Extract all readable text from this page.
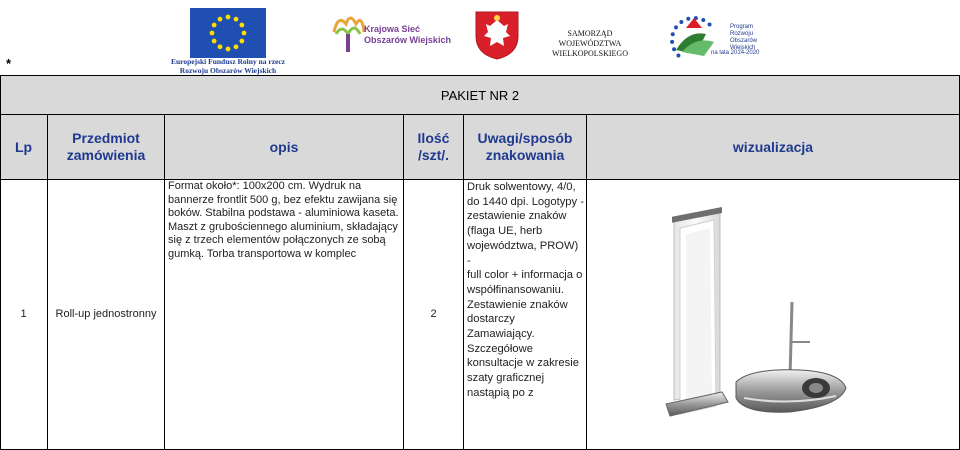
*	Europejski Fundusz Rolny na rzecz
Rozwoju Obszarów Wiejskich
Krajowa Sieć
Obszarów Wiejskich
SAMORZĄD WOJEWÓDZTWA
WIELKOPOLSKIEGO
Program
Rozwoju
Obszarów
Wiejskich
na lata 2014-2020
PAKIET NR 2
Lp
Przedmiot
zamówienia
opis
Ilość
/szt/.
Uwagi/sposób
znakowania
wizualizacja
1	Roll-up jednostronny
Format około*: 100x200 cm. Wydruk na
bannerze frontlit 500 g, bez efektu zawijana się
boków. Stabilna podstawa - aluminiowa kaseta.
Maszt z grubościennego aluminium, składający
się z trzech elementów połączonych ze sobą
gumką. Torba transportowa w komplec
2
Druk solwentowy, 4/0,
do 1440 dpi. Logotypy -
zestawienie znaków
(flaga UE, herb
województwa, PROW) -
full color + informacja o
współfinansowaniu.
Zestawienie znaków
dostarczy
Zamawiający.
Szczegółowe
konsultacje w zakresie
szaty graficznej
nastąpią po z
